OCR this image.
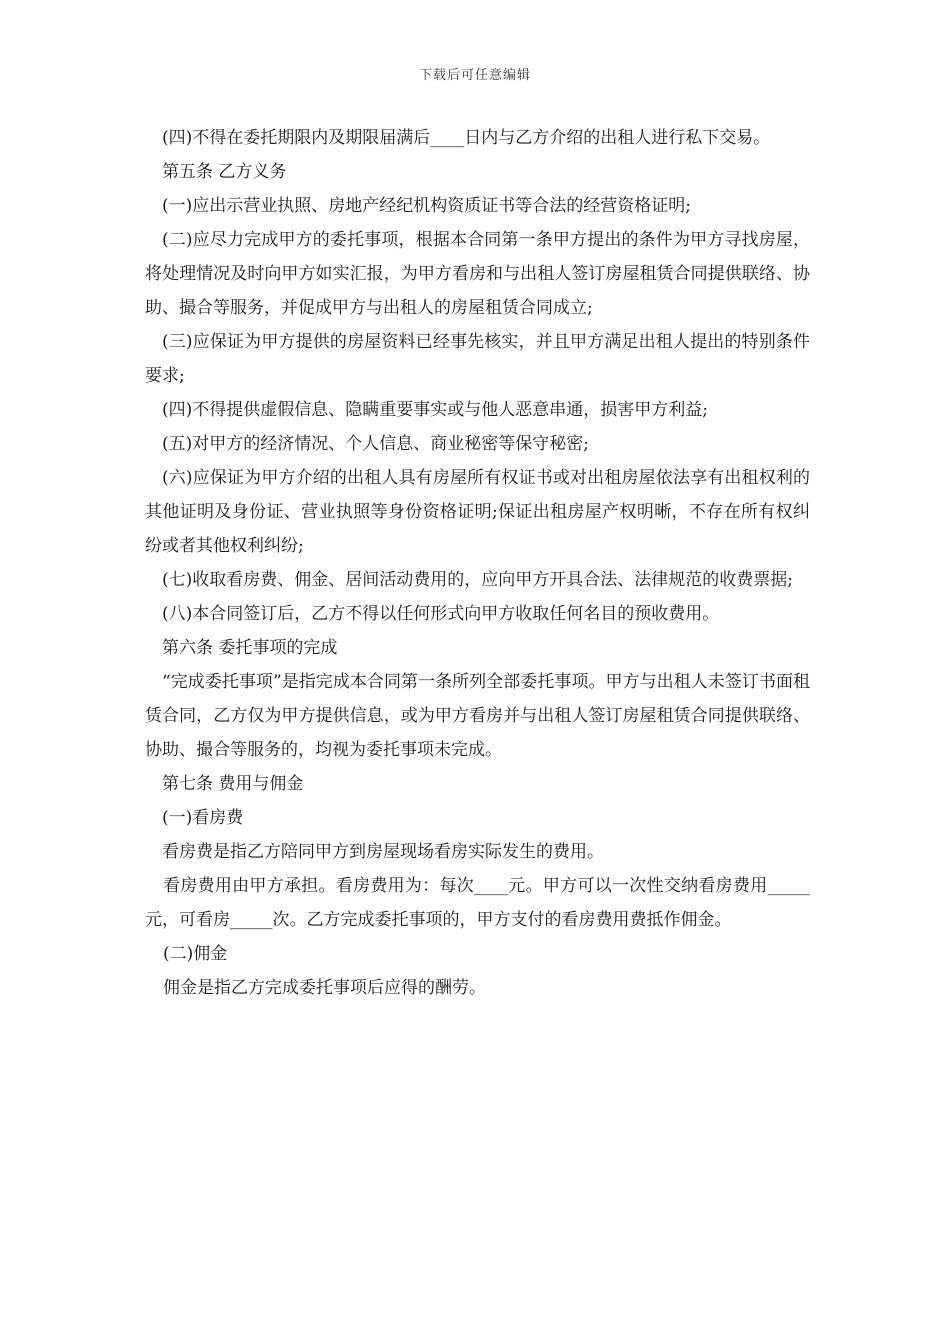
下载后可任意编辑

(四)不得在委托期限内及期限届满后____日内与乙方介绍的出租人进行私下交易。

第五条 乙方义务

(一)应出示营业执照、房地产经纪机构资质证书等合法的经营资格证明;

(二)应尽力完成甲方的委托事项，根据本合同第一条甲方提出的条件为甲方寻找房屋，将处理情况及时向甲方如实汇报，为甲方看房和与出租人签订房屋租赁合同提供联络、协助、撮合等服务，并促成甲方与出租人的房屋租赁合同成立;

(三)应保证为甲方提供的房屋资料已经事先核实，并且甲方满足出租人提出的特别条件要求;

(四)不得提供虚假信息、隐瞒重要事实或与他人恶意串通，损害甲方利益;

(五)对甲方的经济情况、个人信息、商业秘密等保守秘密;

(六)应保证为甲方介绍的出租人具有房屋所有权证书或对出租房屋依法享有出租权利的其他证明及身份证、营业执照等身份资格证明;保证出租房屋产权明晰，不存在所有权纠纷或者其他权利纠纷;

(七)收取看房费、佣金、居间活动费用的，应向甲方开具合法、法律规范的收费票据;

(八)本合同签订后，乙方不得以任何形式向甲方收取任何名目的预收费用。

第六条 委托事项的完成

“完成委托事项”是指完成本合同第一条所列全部委托事项。甲方与出租人未签订书面租赁合同，乙方仅为甲方提供信息，或为甲方看房并与出租人签订房屋租赁合同提供联络、协助、撮合等服务的，均视为委托事项未完成。

第七条 费用与佣金

(一)看房费

看房费是指乙方陪同甲方到房屋现场看房实际发生的费用。

看房费用由甲方承担。看房费用为：每次____元。甲方可以一次性交纳看房费用_____元，可看房_____次。乙方完成委托事项的，甲方支付的看房费用费抵作佣金。

(二)佣金

佣金是指乙方完成委托事项后应得的酬劳。
